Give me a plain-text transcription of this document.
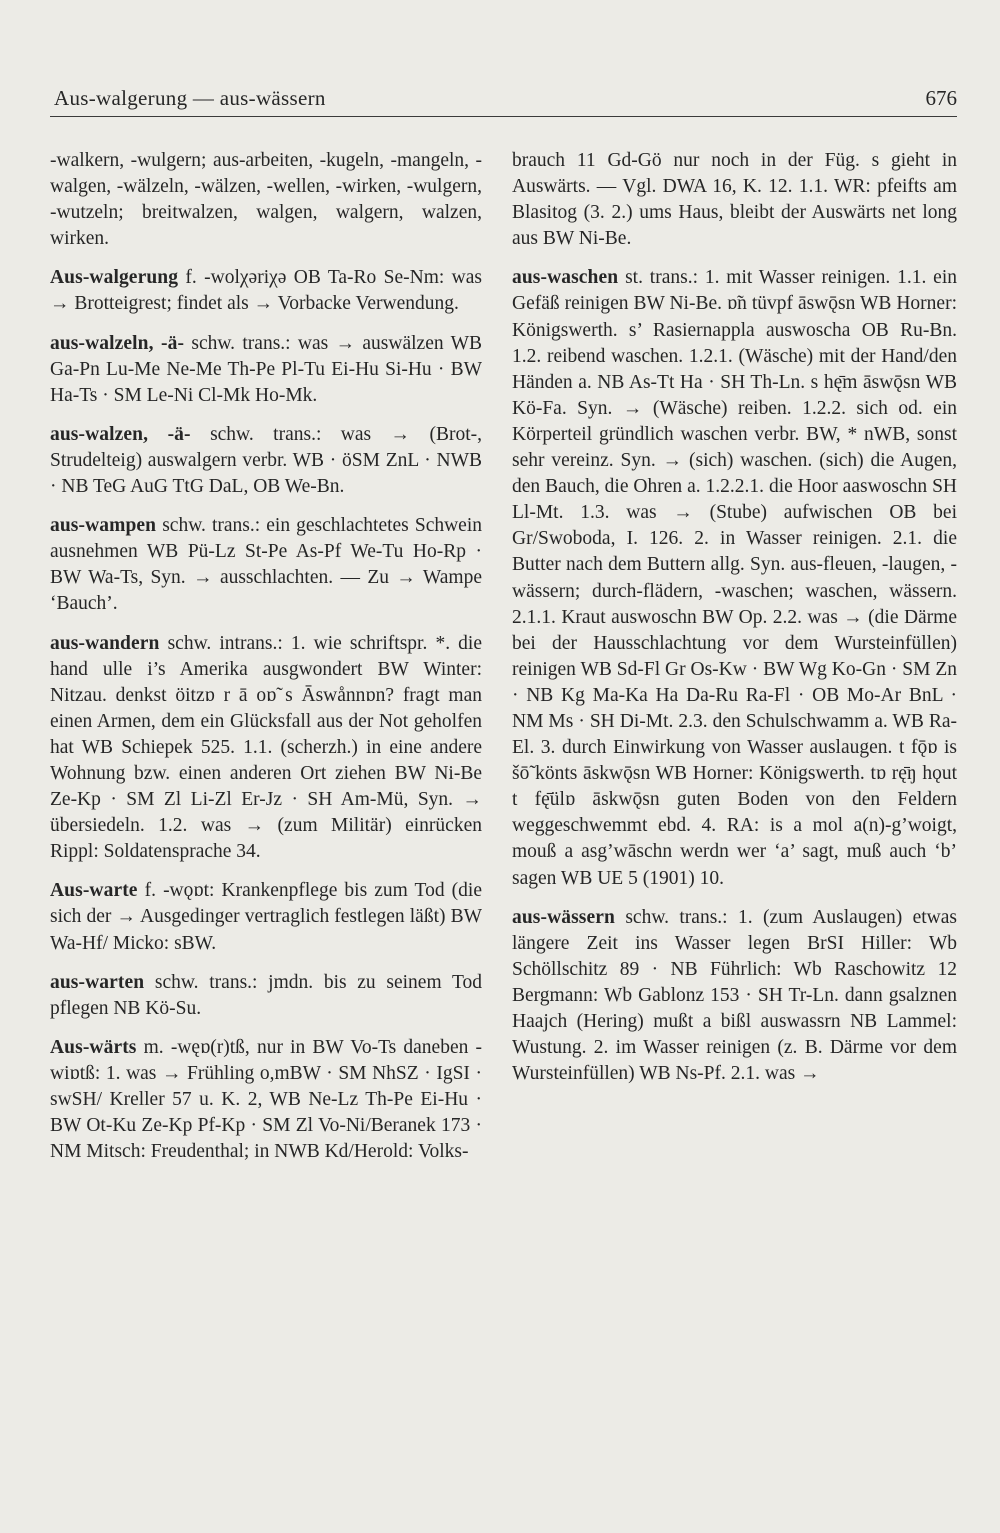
Aus-walgerung — aus-wässern	676

-walkern, -wulgern; aus-arbeiten, -kugeln, -mangeln, -walgen, -wälzeln, -wälzen, -wellen, -wirken, -wulgern, -wutzeln; breitwalzen, walgen, walgern, walzen, wirken.

Aus-walgerung f. -wolχəriχə OB Ta-Ro Se-Nm: was → Brotteigrest; findet als → Vorbacke Verwendung.

aus-walzeln, -ä- schw. trans.: was → auswälzen WB Ga-Pn Lu-Me Ne-Me Th-Pe Pl-Tu Ei-Hu Si-Hu · BW Ha-Ts · SM Le-Ni Cl-Mk Ho-Mk.

aus-walzen, -ä- schw. trans.: was → (Brot-, Strudelteig) auswalgern verbr. WB · öSM ZnL · NWB · NB TeG AuG TtG DaL, OB We-Bn.

aus-wampen schw. trans.: ein geschlachtetes Schwein ausnehmen WB Pü-Lz St-Pe As-Pf We-Tu Ho-Rp · BW Wa-Ts, Syn. → ausschlachten. — Zu → Wampe ‘Bauch’.

aus-wandern schw. intrans.: 1. wie schriftspr. *. die hand ulle i’s Amerika ausgwondert BW Winter: Nitzau. denkst öitzɒ r ā oɒ̃ s Āswånnɒn? fragt man einen Armen, dem ein Glücksfall aus der Not geholfen hat WB Schiepek 525. 1.1. (scherzh.) in eine andere Wohnung bzw. einen anderen Ort ziehen BW Ni-Be Ze-Kp · SM Zl Li-Zl Er-Jz · SH Am-Mü, Syn. → übersiedeln. 1.2. was → (zum Militär) einrücken Rippl: Soldatensprache 34.

Aus-warte f. -wǫɒt: Krankenpflege bis zum Tod (die sich der → Ausgedinger vertraglich festlegen läßt) BW Wa-Hf/ Micko: sBW.

aus-warten schw. trans.: jmdn. bis zu seinem Tod pflegen NB Kö-Su.

Aus-wärts m. -węɒ(r)tß, nur in BW Vo-Ts daneben -wiɒtß: 1. was → Frühling o,mBW · SM NhSZ · IgSI · swSH/ Kreller 57 u. K. 2, WB Ne-Lz Th-Pe Ei-Hu · BW Ot-Ku Ze-Kp Pf-Kp · SM Zl Vo-Ni/Beranek 173 · NM Mitsch: Freudenthal; in NWB Kd/Herold: Volks-

brauch 11 Gd-Gö nur noch in der Füg. s gieht in Auswärts. — Vgl. DWA 16, K. 12. 1.1. WR: pfeifts am Blasitog (3. 2.) ums Haus, bleibt der Auswärts net long aus BW Ni-Be.

aus-waschen st. trans.: 1. mit Wasser reinigen. 1.1. ein Gefäß reinigen BW Ni-Be. ɒ̃n tüvpf āswǭsn WB Horner: Königswerth. s’ Rasiernappla auswoscha OB Ru-Bn. 1.2. reibend waschen. 1.2.1. (Wäsche) mit der Hand/den Händen a. NB As-Tt Ha · SH Th-Ln. s hę̄m āswǭsn WB Kö-Fa. Syn. → (Wäsche) reiben. 1.2.2. sich od. ein Körperteil gründlich waschen verbr. BW, * nWB, sonst sehr vereinz. Syn. → (sich) waschen. (sich) die Augen, den Bauch, die Ohren a. 1.2.2.1. die Hoor aaswoschn SH Ll-Mt. 1.3. was → (Stube) aufwischen OB bei Gr/Swoboda, I. 126. 2. in Wasser reinigen. 2.1. die Butter nach dem Buttern allg. Syn. aus-fleuen, -laugen, -wässern; durch-flädern, -waschen; waschen, wässern. 2.1.1. Kraut auswoschn BW Op. 2.2. was → (die Därme bei der Hausschlachtung vor dem Wursteinfüllen) reinigen WB Sd-Fl Gr Os-Kw · BW Wg Ko-Gn · SM Zn · NB Kg Ma-Ka Ha Da-Ru Ra-Fl · OB Mo-Ar BnL · NM Ms · SH Di-Mt. 2.3. den Schulschwamm a. WB Ra-El. 3. durch Einwirkung von Wasser auslaugen. t fǭɒ is šō̃ könts āskwǭsn WB Horner: Königswerth. tɒ rę̄ŋ hǫut t fę̄ülɒ āskwǭsn guten Boden von den Feldern weggeschwemmt ebd. 4. RA: is a mol a(n)-g’woigt, mouß a asg’wāschn werdn wer ‘a’ sagt, muß auch ‘b’ sagen WB UE 5 (1901) 10.

aus-wässern schw. trans.: 1. (zum Auslaugen) etwas längere Zeit ins Wasser legen BrSI Hiller: Wb Schöllschitz 89 · NB Führlich: Wb Raschowitz 12 Bergmann: Wb Gablonz 153 · SH Tr-Ln. dann gsalznen Haajch (Hering) mußt a bißl auswassrn NB Lammel: Wustung. 2. im Wasser reinigen (z. B. Därme vor dem Wursteinfüllen) WB Ns-Pf. 2.1. was →
